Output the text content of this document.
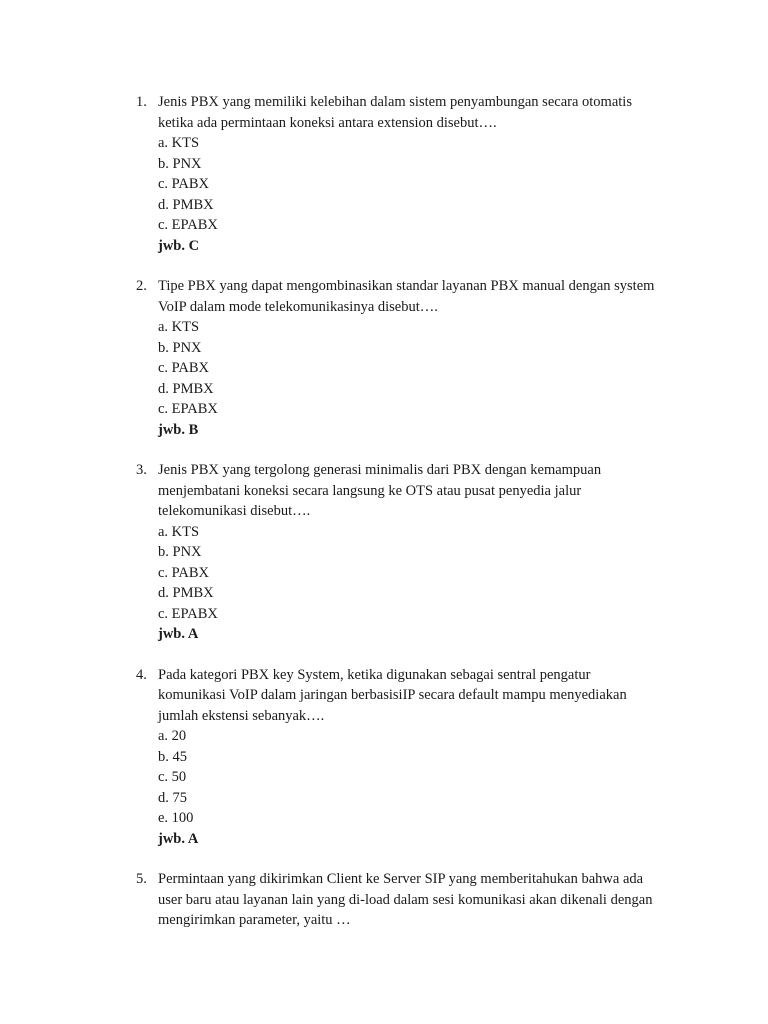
1. Jenis PBX yang memiliki kelebihan dalam sistem penyambungan secara otomatis
ketika ada permintaan koneksi antara extension disebut….
a. KTS
b. PNX
c. PABX
d. PMBX
c. EPABX
jwb. C
2. Tipe PBX yang dapat mengombinasikan standar layanan PBX manual dengan system
VoIP dalam mode telekomunikasinya disebut….
a. KTS
b. PNX
c. PABX
d. PMBX
c. EPABX
jwb. B
3. Jenis PBX yang tergolong generasi minimalis dari PBX dengan kemampuan
menjembatani koneksi secara langsung ke OTS atau pusat penyedia jalur
telekomunikasi disebut….
a. KTS
b. PNX
c. PABX
d. PMBX
c. EPABX
jwb. A
4. Pada kategori PBX key System, ketika digunakan sebagai sentral pengatur
komunikasi VoIP dalam jaringan berbasisiIP secara default mampu menyediakan
jumlah ekstensi sebanyak….
a. 20
b. 45
c. 50
d. 75
e. 100
jwb. A
5. Permintaan yang dikirimkan Client ke Server SIP yang memberitahukan bahwa ada
user baru atau layanan lain yang di-load dalam sesi komunikasi akan dikenali dengan
mengirimkan parameter, yaitu …
